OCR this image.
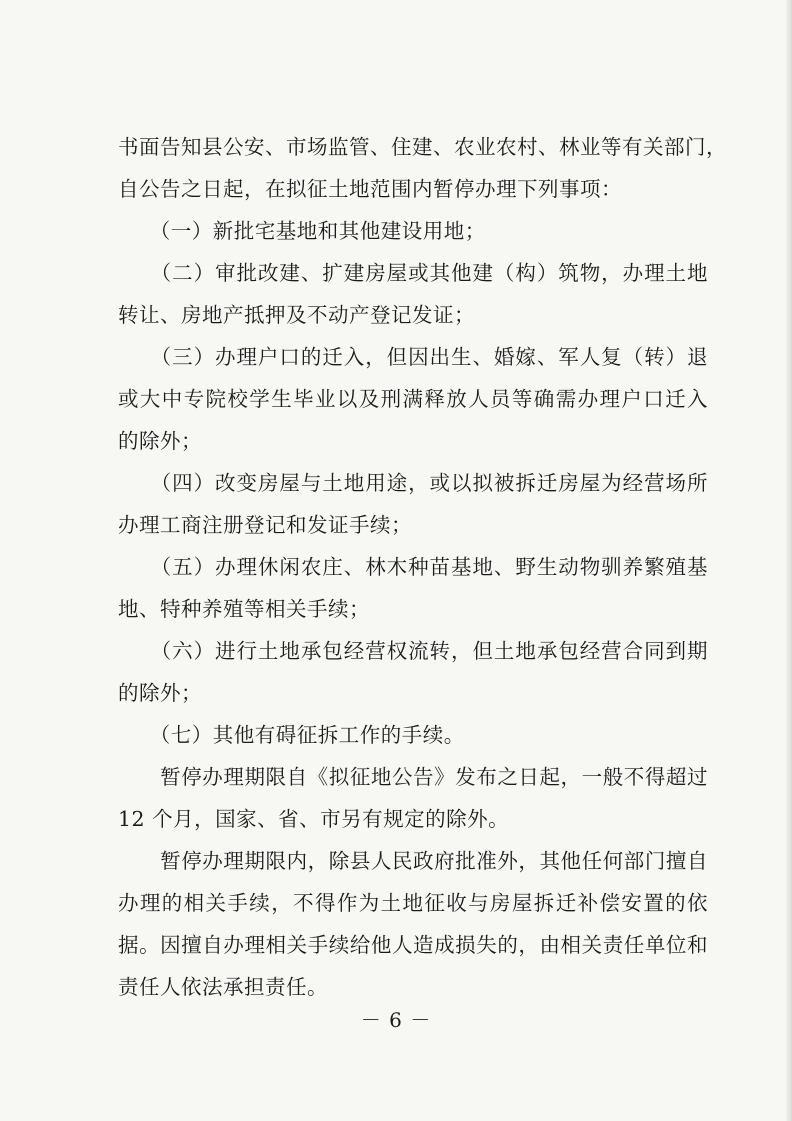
书面告知县公安、市场监管、住建、农业农村、林业等有关部门，
自公告之日起，在拟征土地范围内暂停办理下列事项：
　　（一）新批宅基地和其他建设用地；
　　（二）审批改建、扩建房屋或其他建（构）筑物，办理土地
转让、房地产抵押及不动产登记发证；
　　（三）办理户口的迁入，但因出生、婚嫁、军人复（转）退
或大中专院校学生毕业以及刑满释放人员等确需办理户口迁入
的除外；
　　（四）改变房屋与土地用途，或以拟被拆迁房屋为经营场所
办理工商注册登记和发证手续；
　　（五）办理休闲农庄、林木种苗基地、野生动物驯养繁殖基
地、特种养殖等相关手续；
　　（六）进行土地承包经营权流转，但土地承包经营合同到期
的除外；
　　（七）其他有碍征拆工作的手续。
　　暂停办理期限自《拟征地公告》发布之日起，一般不得超过
12 个月，国家、省、市另有规定的除外。
　　暂停办理期限内，除县人民政府批准外，其他任何部门擅自
办理的相关手续，不得作为土地征收与房屋拆迁补偿安置的依
据。因擅自办理相关手续给他人造成损失的，由相关责任单位和
责任人依法承担责任。
－ 6 －
